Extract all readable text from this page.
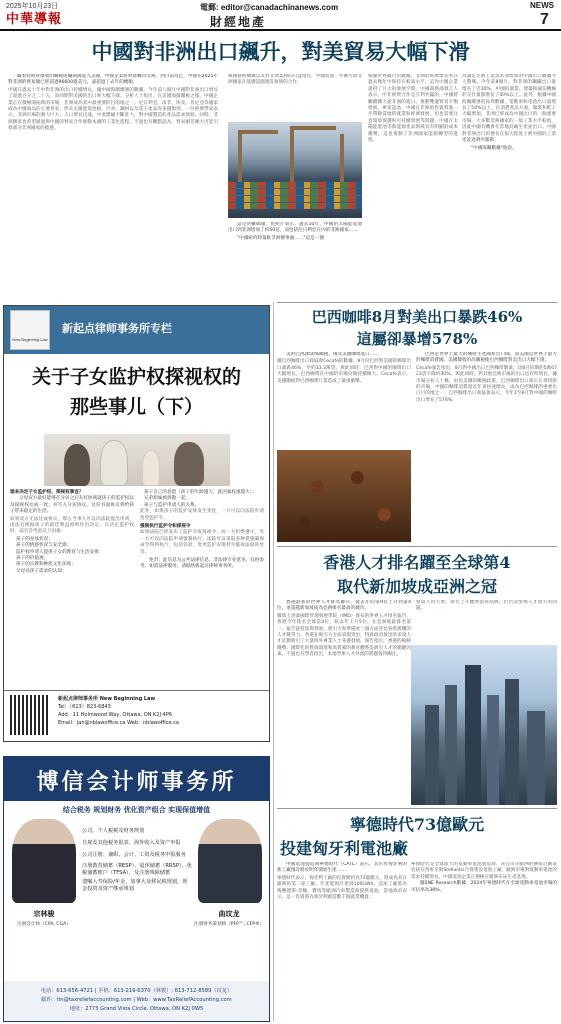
2025年10月23日
中華導報
電郵: editor@canadachinanews.com	NEWS
7
財經地產
中國對非洲出口飆升，對美貿易大幅下滑

隨着特朗普徵收的關稅阻礙兩國進入美國，中國企業將貿易轉向非洲。到目前為止，中國在2025年對非洲的貿易額已經超過96600億美元，遠超過了去年的總額。

中國在過去十年中對非洲的出口持續增長，據中國海關總署的數據，今年前八個月中國對非洲出口增長了超過百分之二十五，而同期對美國的出口則大幅下降。分析人士指出，在美國加徵關稅之後，中國企業正在積極開拓新的市場，非洲成為其中最重要的目的地之一。尼日利亞、南非、埃及、肯尼亞等國家成為中國商品的主要買家，涉及太陽能電池板、汽車、鋼材以及電子產品等多個類別。一位經濟學家表示，非洲市場的潛力巨大，人口增長迅速，中產階級不斷壯大，對中國製造的產品需求強勁。同時，非洲國家也希望通過與中國的貿易合作推動本國的工業化進程。不過也有觀點認為，貿易順差擴大可能引發部分非洲國家的擔憂。
韓國藝術機構以及對非洲業務的日益增長，中國將進一步擴大與非洲國家在基礎設施建設領域的合作。

這是貨櫃碼頭，仿照片表示。過去10年，中國的太陽能電池出口到非洲增加了約50倍，而包括尼日利亞在內的非洲國家……

"中國紐約時報駐非洲辦事處……"這是一個

根據世界銀行的數據，非洲的經濟增長率在過去幾年中保持在較高水平，這為中國企業提供了巨大的發展空間。中國商務部發言人表示，中非經貿合作是互利共贏的，中國將繼續擴大從非洲的進口，推動雙邊貿易平衡發展。專家認為，中國在非洲的投資將進一步帶動當地的就業和經濟發展，但也需要注意環境保護和可持續發展等問題。中國在太陽能電池等新能源產品領域具有明顯的成本優勢，這也推動了非洲國家能源轉型的進程。
為滿足非洲工業需求而增加的中國出口數據令人驚嘆。今年前8個月，對非洲的鋼鐵出口量增長了近30%，中國的農業、建築和通信機械的交付量都增長了40%以上。此外，根據中國海關總署的每周數據，電動車和電池出口量增長了50%以上。在消費產品方面，服裝和鞋子大幅增加，非洲已經成為中國出口的一個重要市場。大多數非洲國家的一般工業水平較低，因此中國有機會在當地設廠生產並出口。中國對非洲出口的增長在很大程度上被中國的工業產能過剩所驅動。

"中國海關數據"他說。

巴西咖啡8月對美出口暴跌46%
這屬卻暴增578%

美對巴西課50%關稅，傷及美國咖啡進口……

據巴西咖啡出口商協會Cecafe的數據，8月份巴西對美國的咖啡出口暴跌46%，至約33.3萬袋。與此同時，巴西對中國的咖啡出口大幅增長，巴西咖啡在中國的市場份額持續擴大。Cecafe表示，美國關稅對巴西咖啡行業造成了嚴重衝擊。

巴西是世界上最大的咖啡生產國和出口國，而美國是世界上最大的咖啡消費國。美國徵收的高關稅使巴西咖啡對美出口大幅下滑。

Cecafe報告指出，8月對中國出口巴西咖啡數量，比8月同期的5萬6723袋下降約30%。與此同時，對其他亞洲市場的出口也有所增長。據市場分析人士稱，由於美國的關稅政策，巴西咖啡出口商正在尋找新的市場。中國的咖啡消費量近年來快速增長，成為巴西咖啡的重要出口目的地之一。巴西咖啡出口商協會表示，今年1至8月對中國的咖啡出口增長了578%。
香港人才排名躍至全球第4
取代新加坡成亞洲之冠

香港最新的世界人才排名躍升，從去年的第9位上升到第4位，並超越新加坡成為亞洲排名最高的城市。

據瑞士洛桑國際管理發展學院（IMD）發布的世界人才排名報告，香港今年排名全球第4位，較去年上升5位，在亞洲地區排名第一。報告從投資與發展、吸引力和準備度三個方面評估各經濟體的人才競爭力。香港在吸引力方面表現突出，特區政府推出的多項人才計劃吸引了大量海外專業人士來港發展。報告指出，香港的稅制優勢、國際化的營商環境和高質素的教育體系是吸引人才的關鍵因素。不過也有學者指出，本地學術人才外流的問題值得關注。
賢資人員大增。排名上升雖然值得高興，但仍需警惕人才流失的問題。
寧德時代73億歐元
投建匈牙利電池廠

中國電池製造商寧德時代（CATL）表示，其位於匈牙利的新工廠預計將於明年開始生產……

寧德時代表示，匈牙利工廠的投資額約為73億歐元，將成為其在歐洲的第二座工廠，年產能預計達到100GWh。這座工廠將為梅賽德斯-奔馳、寶馬等歐洲汽車製造商提供電池。當地政府表示，這一投資將為匈牙利創造數千個就業機會。
寧德時代是全球最大的電動車電池製造商，該公司在歐洲的擴張計劃還包括在西班牙與Stellantis合資建設電池工廠。歐洲市場對電動車電池的需求持續增長，中國電池企業正積極在歐洲布局生產基地。

據SNE Research數據，2024年寧德時代在全球電動車電池市場的市佔率為38%。

New Beginning Law
新起点律师事务所专栏
关于子女监护权探视权的
那些事儿（下）
谁来决定子女监护权、探视权事宜？

父母双方最好能够在分居之后友好协商就孩子的监护权以及探视权达成一致，并写入分居协议，这份书面协议将给孩子带来稳定的生活。

如果双方无法达成协议，那么当事人可以向法院提出申请，由法官根据孩子的最佳利益原则作出决定。在决定监护权时，法官会考虑以下因素：
孩子的身体状况；
孩子的情感状况与安全感；
监护权申请人提供子女的教育与生活安排；
孩子的价值观；
孩子的宗教和种族文化环境；
父母对孩子需求的认知；
孩子自己的意愿（孩子的年龄越大，此因素权重越大）；
兄弟姐妹被拆散一起；
孩子与监护申请人的关系。
此外，如果孩子的监护安排发生变化，一方可以向法院申请变更监护令。
强制执行监护令和探视令
如果法院已经发布了监护令或探视令，而一方拒绝遵守，另一方可以向法院申请强制执行。法院可以采取多种措施确保命令得到执行，包括罚款、变更监护安排甚至藐视法庭的处罚。

免责：此信息为公共法律信息，非法律专业意见，仅供参考。如需法律服务，请联络新起点律师事务所。

新起点律师事务所 New Beginning Law
Tel：（613）823-6843
Add：11 Holmwood Way, Ottawa, ON K2J 4P6
Email：jan@nblawoffice.ca Web：nblawoffice.ca
博信会计师事务所
结合税务 规划财务 优化资产组合 实现保值增值
公司、个人税税及财务规划
自雇及其他税务报表、海外收入及资产申报
公司注册、兼职、会计、工资及税务申报服务
注册教育储蓄（RESP）、退休储蓄（RRSP），免税储蓄账户（TFSA），及注册残障储蓄
遗嘱人寿保险/年金，加拿大及移民税规划，现金投资及资产继承规划
宗林骏
注册会计师（CPA, CGA）
曲玟龙
注册财务策划师（PFP™, CFP®）
电话：613-656-4721 | 手机：613-219-6370（林骏）; 613-712-8589（玟龙）
邮件：tin@taxreliefaccounting.com | Web：www.TaxReliefAccounting.com
地址：2773 Grand Vista Circle, Ottawa, ON K2J 0W5
